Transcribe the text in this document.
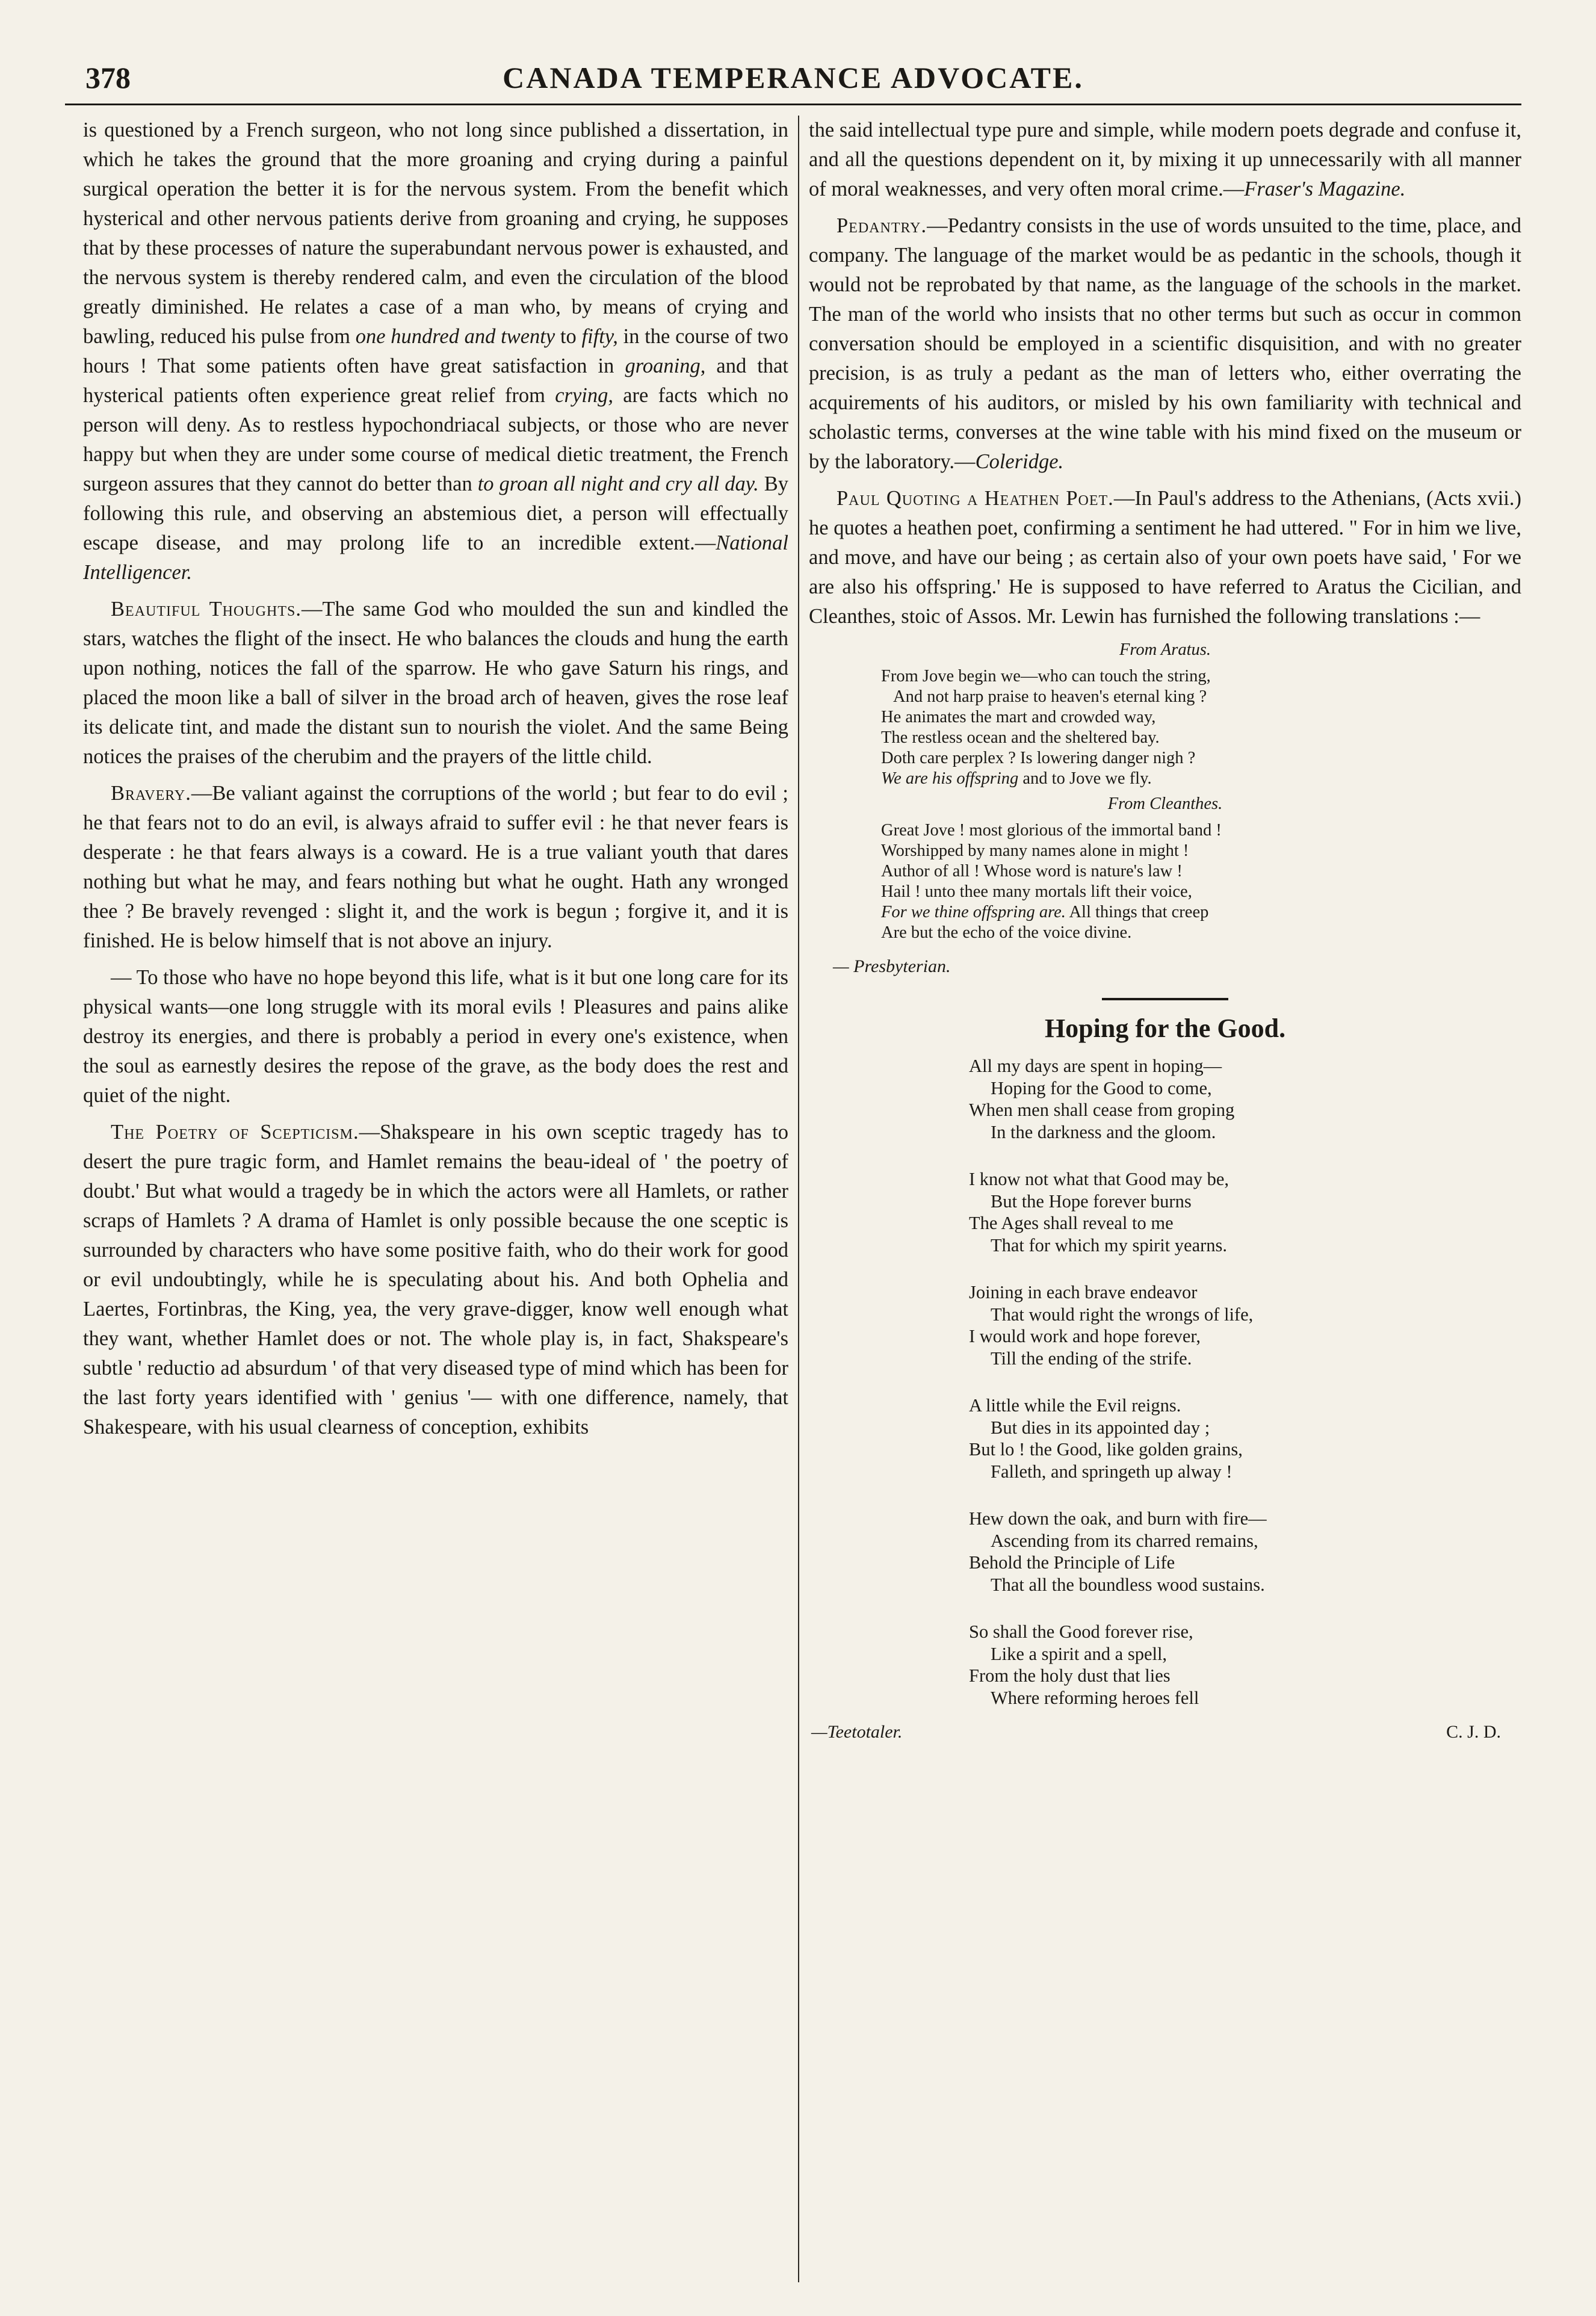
378	CANADA TEMPERANCE ADVOCATE.

is questioned by a French surgeon, who not long since published a dissertation, in which he takes the ground that the more groaning and crying during a painful surgical operation the better it is for the nervous system. From the benefit which hysterical and other nervous patients derive from groaning and crying, he supposes that by these processes of nature the superabundant nervous power is exhausted, and the nervous system is thereby rendered calm, and even the circulation of the blood greatly diminished. He relates a case of a man who, by means of crying and bawling, reduced his pulse from one hundred and twenty to fifty, in the course of two hours ! That some patients often have great satisfaction in groaning, and that hysterical patients often experience great relief from crying, are facts which no person will deny. As to restless hypochondriacal subjects, or those who are never happy but when they are under some course of medical dietic treatment, the French surgeon assures that they cannot do better than to groan all night and cry all day. By following this rule, and observing an abstemious diet, a person will effectually escape disease, and may prolong life to an incredible extent.—National Intelligencer.

Beautiful Thoughts.—The same God who moulded the sun and kindled the stars, watches the flight of the insect. He who balances the clouds and hung the earth upon nothing, notices the fall of the sparrow. He who gave Saturn his rings, and placed the moon like a ball of silver in the broad arch of heaven, gives the rose leaf its delicate tint, and made the distant sun to nourish the violet. And the same Being notices the praises of the cherubim and the prayers of the little child.

Bravery.—Be valiant against the corruptions of the world ; but fear to do evil ; he that fears not to do an evil, is always afraid to suffer evil : he that never fears is desperate : he that fears always is a coward. He is a true valiant youth that dares nothing but what he may, and fears nothing but what he ought. Hath any wronged thee ? Be bravely revenged : slight it, and the work is begun ; forgive it, and it is finished. He is below himself that is not above an injury.

— To those who have no hope beyond this life, what is it but one long care for its physical wants—one long struggle with its moral evils ! Pleasures and pains alike destroy its energies, and there is probably a period in every one's existence, when the soul as earnestly desires the repose of the grave, as the body does the rest and quiet of the night.

The Poetry of Scepticism.—Shakspeare in his own sceptic tragedy has to desert the pure tragic form, and Hamlet remains the beau-ideal of ' the poetry of doubt.' But what would a tragedy be in which the actors were all Hamlets, or rather scraps of Hamlets ? A drama of Hamlet is only possible because the one sceptic is surrounded by characters who have some positive faith, who do their work for good or evil undoubtingly, while he is speculating about his. And both Ophelia and Laertes, Fortinbras, the King, yea, the very grave-digger, know well enough what they want, whether Hamlet does or not. The whole play is, in fact, Shakspeare's subtle ' reductio ad absurdum ' of that very diseased type of mind which has been for the last forty years identified with ' genius '— with one difference, namely, that Shakespeare, with his usual clearness of conception, exhibits

the said intellectual type pure and simple, while modern poets degrade and confuse it, and all the questions dependent on it, by mixing it up unnecessarily with all manner of moral weaknesses, and very often moral crime.—Fraser's Magazine.

Pedantry.—Pedantry consists in the use of words unsuited to the time, place, and company. The language of the market would be as pedantic in the schools, though it would not be reprobated by that name, as the language of the schools in the market. The man of the world who insists that no other terms but such as occur in common conversation should be employed in a scientific disquisition, and with no greater precision, is as truly a pedant as the man of letters who, either overrating the acquirements of his auditors, or misled by his own familiarity with technical and scholastic terms, converses at the wine table with his mind fixed on the museum or by the laboratory.—Coleridge.

Paul Quoting a Heathen Poet.—In Paul's address to the Athenians, (Acts xvii.) he quotes a heathen poet, confirming a sentiment he had uttered. " For in him we live, and move, and have our being ; as certain also of your own poets have said, ' For we are also his offspring.' He is supposed to have referred to Aratus the Cicilian, and Cleanthes, stoic of Assos. Mr. Lewin has furnished the following translations :—

From Aratus.
From Jove begin we—who can touch the string,
And not harp praise to heaven's eternal king ?
He animates the mart and crowded way,
The restless ocean and the sheltered bay.
Doth care perplex ? Is lowering danger nigh ?
We are his offspring and to Jove we fly.
From Cleanthes.
Great Jove ! most glorious of the immortal band !
Worshipped by many names alone in might !
Author of all ! Whose word is nature's law !
Hail ! unto thee many mortals lift their voice,
For we thine offspring are. All things that creep
Are but the echo of the voice divine.
— Presbyterian.
Hoping for the Good.
All my days are spent in hoping—
Hoping for the Good to come,
When men shall cease from groping
In the darkness and the gloom.
I know not what that Good may be,
But the Hope forever burns
The Ages shall reveal to me
That for which my spirit yearns.
Joining in each brave endeavor
That would right the wrongs of life,
I would work and hope forever,
Till the ending of the strife.
A little while the Evil reigns.
But dies in its appointed day ;
But lo ! the Good, like golden grains,
Falleth, and springeth up alway !
Hew down the oak, and burn with fire—
Ascending from its charred remains,
Behold the Principle of Life
That all the boundless wood sustains.
So shall the Good forever rise,
Like a spirit and a spell,
From the holy dust that lies
Where reforming heroes fell
—Teetotaler.	C. J. D.
